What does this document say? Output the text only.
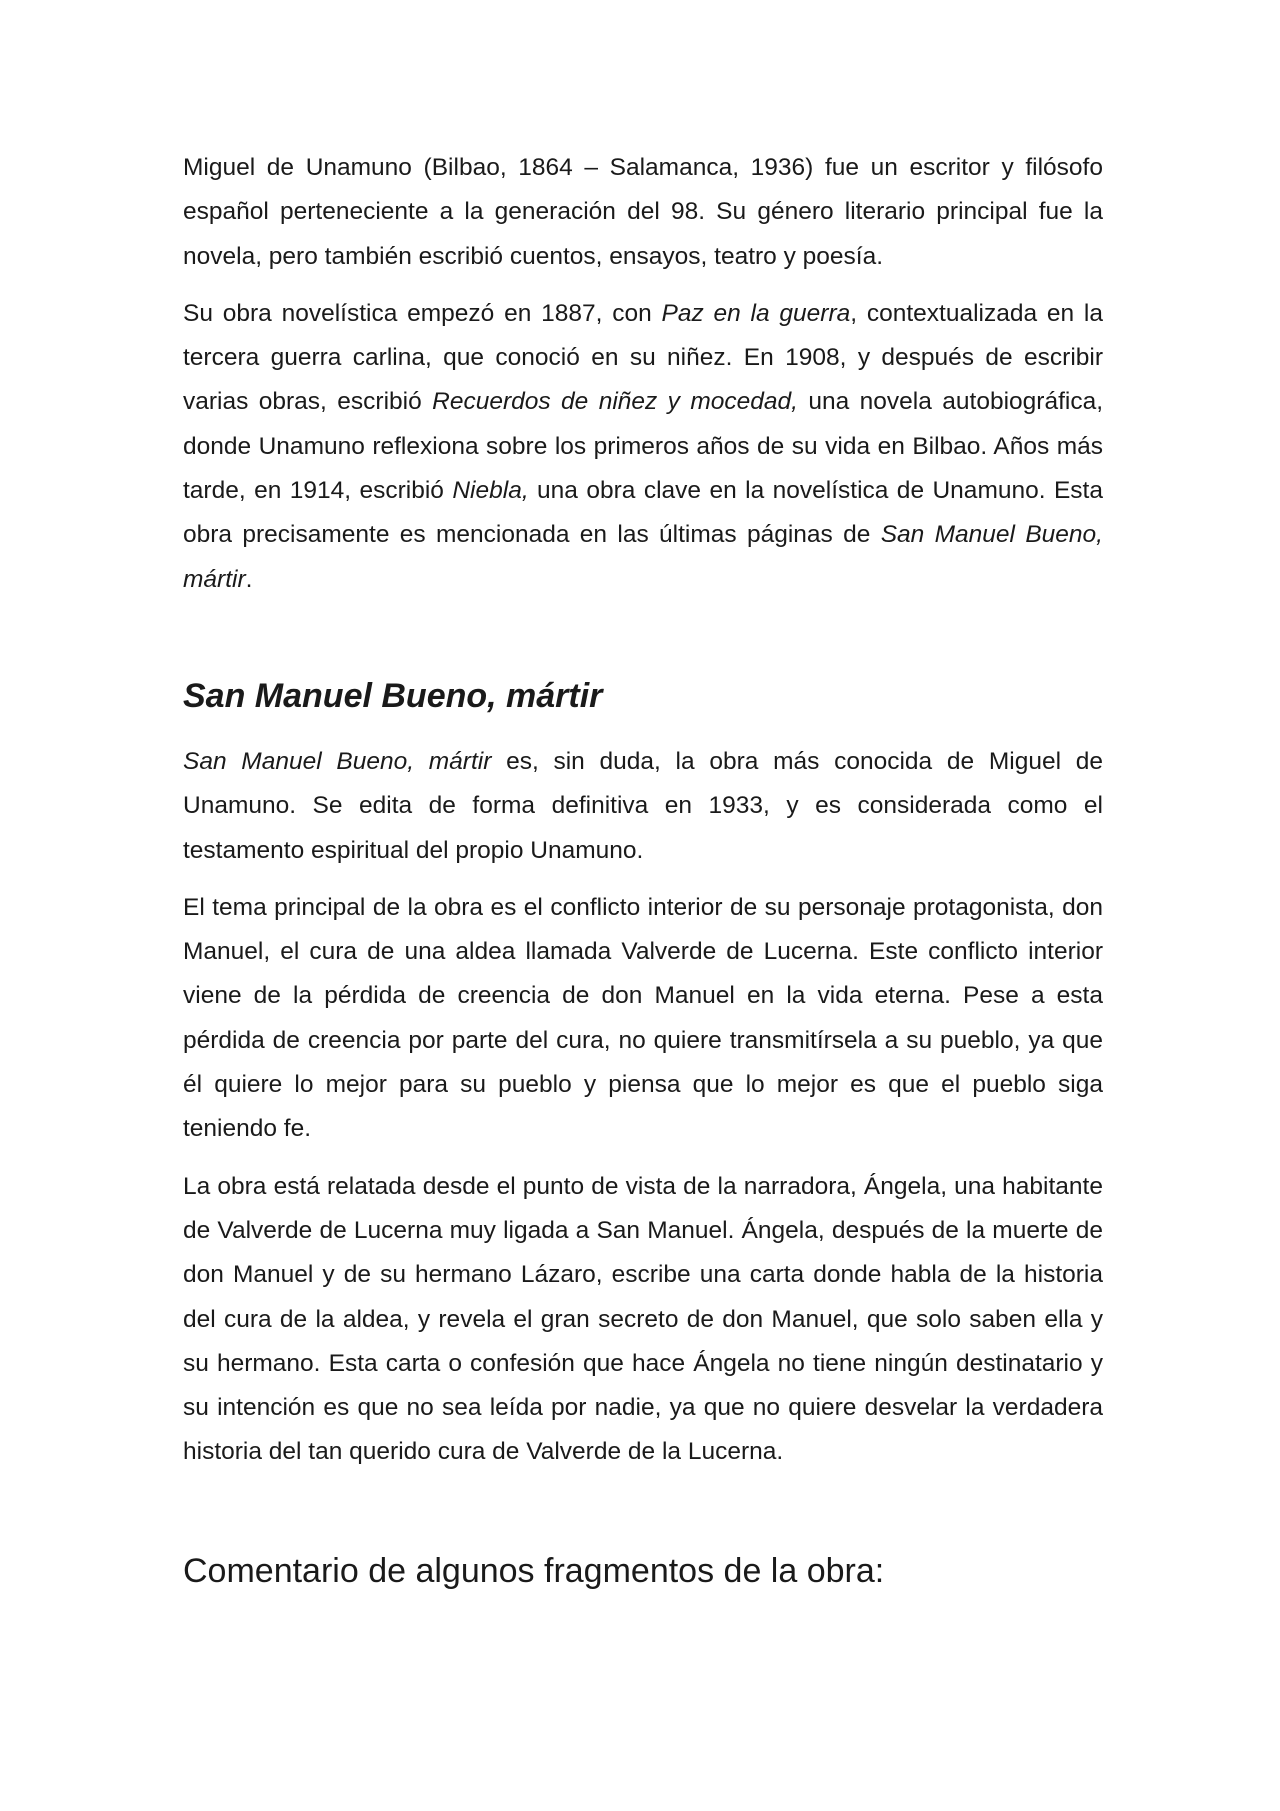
Miguel de Unamuno (Bilbao, 1864 – Salamanca, 1936) fue un escritor y filósofo español perteneciente a la generación del 98. Su género literario principal fue la novela, pero también escribió cuentos, ensayos, teatro y poesía.

Su obra novelística empezó en 1887, con Paz en la guerra, contextualizada en la tercera guerra carlina, que conoció en su niñez. En 1908, y después de escribir varias obras, escribió Recuerdos de niñez y mocedad, una novela autobiográfica, donde Unamuno reflexiona sobre los primeros años de su vida en Bilbao. Años más tarde, en 1914, escribió Niebla, una obra clave en la novelística de Unamuno. Esta obra precisamente es mencionada en las últimas páginas de San Manuel Bueno, mártir.

San Manuel Bueno, mártir

San Manuel Bueno, mártir es, sin duda, la obra más conocida de Miguel de Unamuno. Se edita de forma definitiva en 1933, y es considerada como el testamento espiritual del propio Unamuno.

El tema principal de la obra es el conflicto interior de su personaje protagonista, don Manuel, el cura de una aldea llamada Valverde de Lucerna. Este conflicto interior viene de la pérdida de creencia de don Manuel en la vida eterna. Pese a esta pérdida de creencia por parte del cura, no quiere transmitírsela a su pueblo, ya que él quiere lo mejor para su pueblo y piensa que lo mejor es que el pueblo siga teniendo fe.

La obra está relatada desde el punto de vista de la narradora, Ángela, una habitante de Valverde de Lucerna muy ligada a San Manuel. Ángela, después de la muerte de don Manuel y de su hermano Lázaro, escribe una carta donde habla de la historia del cura de la aldea, y revela el gran secreto de don Manuel, que solo saben ella y su hermano. Esta carta o confesión que hace Ángela no tiene ningún destinatario y su intención es que no sea leída por nadie, ya que no quiere desvelar la verdadera historia del tan querido cura de Valverde de la Lucerna.

Comentario de algunos fragmentos de la obra:
